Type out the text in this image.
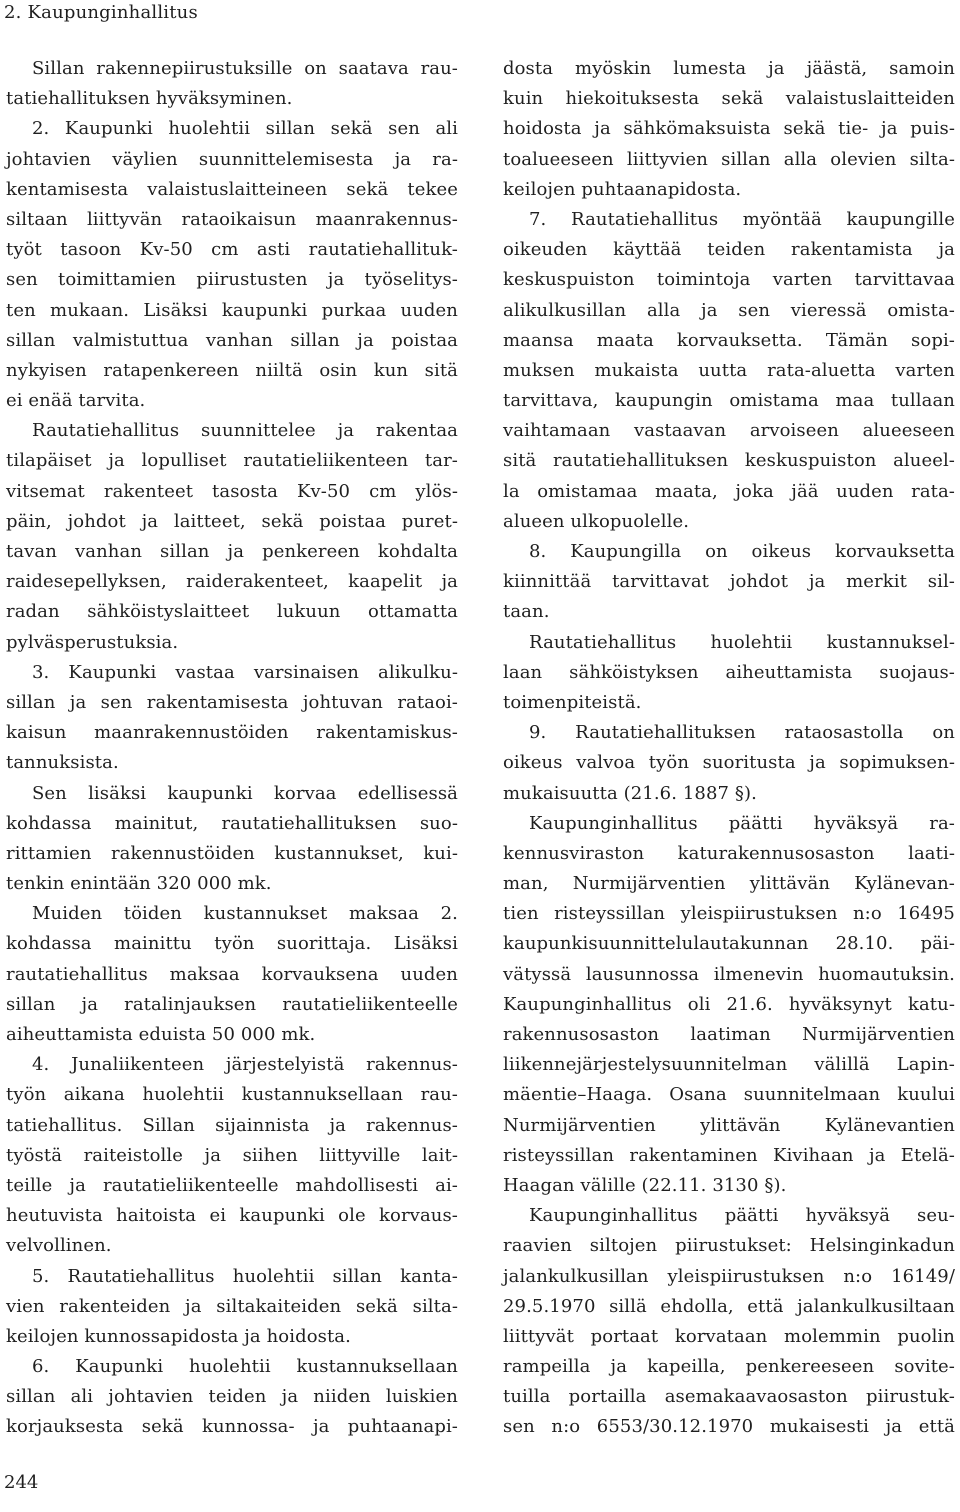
2. Kaupunginhallitus
Sillan rakennepiirustuksille on saatava rau-
tatiehallituksen hyväksyminen.
2. Kaupunki huolehtii sillan sekä sen ali
johtavien väylien suunnittelemisesta ja ra-
kentamisesta valaistuslaitteineen sekä tekee
siltaan liittyvän rataoikaisun maanrakennus-
työt tasoon Kv-50 cm asti rautatiehallituk-
sen toimittamien piirustusten ja työselitys-
ten mukaan. Lisäksi kaupunki purkaa uuden
sillan valmistuttua vanhan sillan ja poistaa
nykyisen ratapenkereen niiltä osin kun sitä
ei enää tarvita.
Rautatiehallitus suunnittelee ja rakentaa
tilapäiset ja lopulliset rautatieliikenteen tar-
vitsemat rakenteet tasosta Kv-50 cm ylös-
päin, johdot ja laitteet, sekä poistaa puret-
tavan vanhan sillan ja penkereen kohdalta
raidesepellyksen, raiderakenteet, kaapelit ja
radan sähköistyslaitteet lukuun ottamatta
pylväsperustuksia.
3. Kaupunki vastaa varsinaisen alikulku-
sillan ja sen rakentamisesta johtuvan rataoi-
kaisun maanrakennustöiden rakentamiskus-
tannuksista.
Sen lisäksi kaupunki korvaa edellisessä
kohdassa mainitut, rautatiehallituksen suo-
rittamien rakennustöiden kustannukset, kui-
tenkin enintään 320 000 mk.
Muiden töiden kustannukset maksaa 2.
kohdassa mainittu työn suorittaja. Lisäksi
rautatiehallitus maksaa korvauksena uuden
sillan ja ratalinjauksen rautatieliikenteelle
aiheuttamista eduista 50 000 mk.
4. Junaliikenteen järjestelyistä rakennus-
työn aikana huolehtii kustannuksellaan rau-
tatiehallitus. Sillan sijainnista ja rakennus-
työstä raiteistolle ja siihen liittyville lait-
teille ja rautatieliikenteelle mahdollisesti ai-
heutuvista haitoista ei kaupunki ole korvaus-
velvollinen.
5. Rautatiehallitus huolehtii sillan kanta-
vien rakenteiden ja siltakaiteiden sekä silta-
keilojen kunnossapidosta ja hoidosta.
6. Kaupunki huolehtii kustannuksellaan
sillan ali johtavien teiden ja niiden luiskien
korjauksesta sekä kunnossa- ja puhtaanapi-
dosta myöskin lumesta ja jäästä, samoin
kuin hiekoituksesta sekä valaistuslaitteiden
hoidosta ja sähkömaksuista sekä tie- ja puis-
toalueeseen liittyvien sillan alla olevien silta-
keilojen puhtaanapidosta.
7. Rautatiehallitus myöntää kaupungille
oikeuden käyttää teiden rakentamista ja
keskuspuiston toimintoja varten tarvittavaa
alikulkusillan alla ja sen vieressä omista-
maansa maata korvauksetta. Tämän sopi-
muksen mukaista uutta rata-aluetta varten
tarvittava, kaupungin omistama maa tullaan
vaihtamaan vastaavan arvoiseen alueeseen
sitä rautatiehallituksen keskuspuiston alueel-
la omistamaa maata, joka jää uuden rata-
alueen ulkopuolelle.
8. Kaupungilla on oikeus korvauksetta
kiinnittää tarvittavat johdot ja merkit sil-
taan.
Rautatiehallitus huolehtii kustannuksel-
laan sähköistyksen aiheuttamista suojaus-
toimenpiteistä.
9. Rautatiehallituksen rataosastolla on
oikeus valvoa työn suoritusta ja sopimuksen-
mukaisuutta (21.6. 1887 §).
Kaupunginhallitus päätti hyväksyä ra-
kennusviraston katurakennusosaston laati-
man, Nurmijärventien ylittävän Kylänevan-
tien risteyssillan yleispiirustuksen n:o 16495
kaupunkisuunnittelulautakunnan 28.10. päi-
vätyssä lausunnossa ilmenevin huomautuksin.
Kaupunginhallitus oli 21.6. hyväksynyt katu-
rakennusosaston laatiman Nurmijärventien
liikennejärjestelysuunnitelman välillä Lapin-
mäentie–Haaga. Osana suunnitelmaan kuului
Nurmijärventien ylittävän Kylänevantien
risteyssillan rakentaminen Kivihaan ja Etelä-
Haagan välille (22.11. 3130 §).
Kaupunginhallitus päätti hyväksyä seu-
raavien siltojen piirustukset: Helsinginkadun
jalankulkusillan yleispiirustuksen n:o 16149/
29.5.1970 sillä ehdolla, että jalankulkusiltaan
liittyvät portaat korvataan molemmin puolin
rampeilla ja kapeilla, penkereeseen sovite-
tuilla portailla asemakaavaosaston piirustuk-
sen n:o 6553/30.12.1970 mukaisesti ja että
244
